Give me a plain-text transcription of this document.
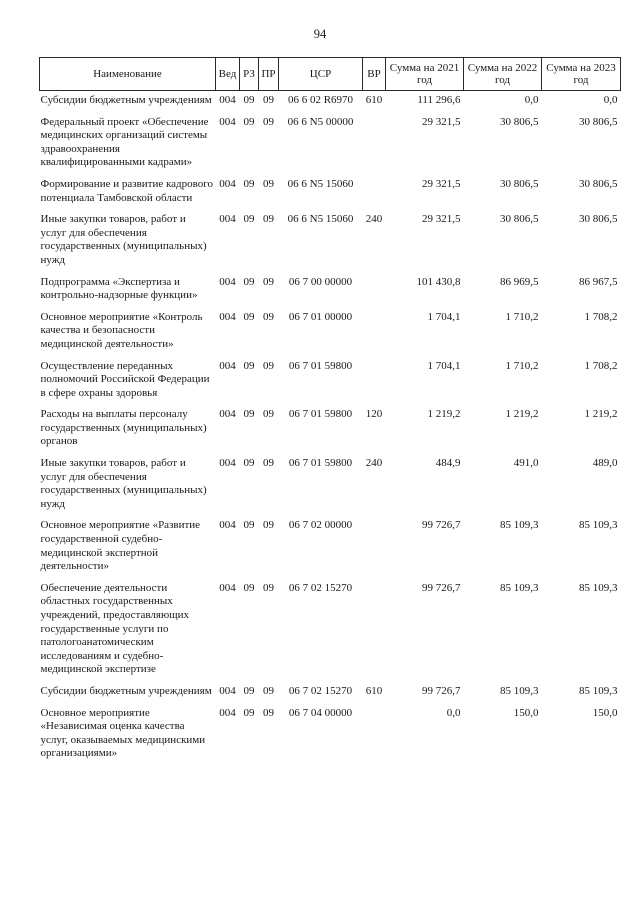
94
Наименование	Вед	РЗ	ПР	ЦСР	ВР	Сумма на 2021 год	Сумма на 2022 год	Сумма на 2023 год
Субсидии бюджетным учреждениям	004	09	09	06 6 02 R6970	610	111 296,6	0,0	0,0
Федеральный проект «Обеспечение медицинских организаций системы здравоохранения квалифицированными кадрами»	004	09	09	06 6 N5 00000		29 321,5	30 806,5	30 806,5
Формирование и развитие кадрового потенциала Тамбовской области	004	09	09	06 6 N5 15060		29 321,5	30 806,5	30 806,5
Иные закупки товаров, работ и услуг для обеспечения государственных (муниципальных) нужд	004	09	09	06 6 N5 15060	240	29 321,5	30 806,5	30 806,5
Подпрограмма «Экспертиза и контрольно-надзорные функции»	004	09	09	06 7 00 00000		101 430,8	86 969,5	86 967,5
Основное мероприятие «Контроль качества и безопасности медицинской деятельности»	004	09	09	06 7 01 00000		1 704,1	1 710,2	1 708,2
Осуществление переданных полномочий Российской Федерации в сфере охраны здоровья	004	09	09	06 7 01 59800		1 704,1	1 710,2	1 708,2
Расходы на выплаты персоналу государственных (муниципальных) органов	004	09	09	06 7 01 59800	120	1 219,2	1 219,2	1 219,2
Иные закупки товаров, работ и услуг для обеспечения государственных (муниципальных) нужд	004	09	09	06 7 01 59800	240	484,9	491,0	489,0
Основное мероприятие «Развитие государственной судебно-медицинской экспертной деятельности»	004	09	09	06 7 02 00000		99 726,7	85 109,3	85 109,3
Обеспечение деятельности областных государственных учреждений, предоставляющих государственные услуги по патологоанатомическим исследованиям и судебно-медицинской экспертизе	004	09	09	06 7 02 15270		99 726,7	85 109,3	85 109,3
Субсидии бюджетным учреждениям	004	09	09	06 7 02 15270	610	99 726,7	85 109,3	85 109,3
Основное мероприятие «Независимая оценка качества услуг, оказываемых медицинскими организациями»	004	09	09	06 7 04 00000		0,0	150,0	150,0
